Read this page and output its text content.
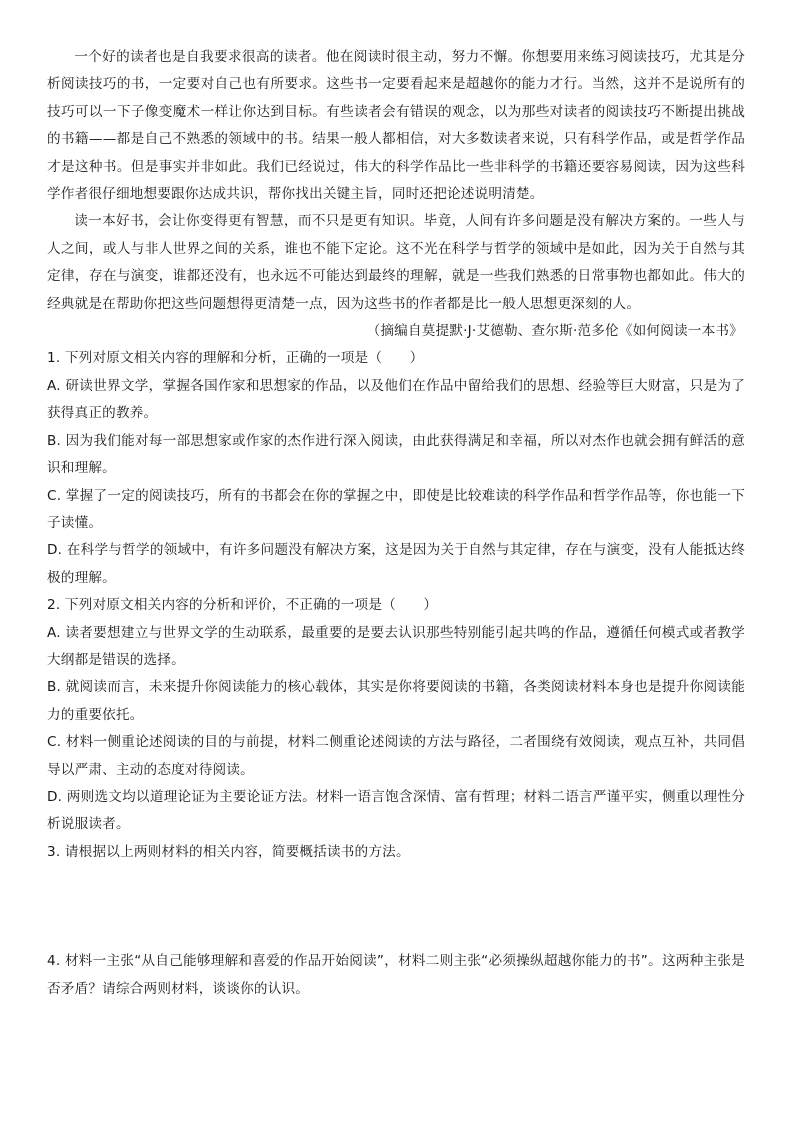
一个好的读者也是自我要求很高的读者。他在阅读时很主动，努力不懈。你想要用来练习阅读技巧，尤其是分析阅读技巧的书，一定要对自己也有所要求。这些书一定要看起来是超越你的能力才行。当然，这并不是说所有的技巧可以一下子像变魔术一样让你达到目标。有些读者会有错误的观念，以为那些对读者的阅读技巧不断提出挑战的书籍——都是自己不熟悉的领域中的书。结果一般人都相信，对大多数读者来说，只有科学作品，或是哲学作品才是这种书。但是事实并非如此。我们已经说过，伟大的科学作品比一些非科学的书籍还要容易阅读，因为这些科学作者很仔细地想要跟你达成共识，帮你找出关键主旨，同时还把论述说明清楚。

读一本好书，会让你变得更有智慧，而不只是更有知识。毕竟，人间有许多问题是没有解决方案的。一些人与人之间，或人与非人世界之间的关系，谁也不能下定论。这不光在科学与哲学的领域中是如此，因为关于自然与其定律，存在与演变，谁都还没有，也永远不可能达到最终的理解，就是一些我们熟悉的日常事物也都如此。伟大的经典就是在帮助你把这些问题想得更清楚一点，因为这些书的作者都是比一般人思想更深刻的人。

（摘编自莫提默·J·艾德勒、查尔斯·范多伦《如何阅读一本书》

1. 下列对原文相关内容的理解和分析，正确的一项是（　　）

A. 研读世界文学，掌握各国作家和思想家的作品，以及他们在作品中留给我们的思想、经验等巨大财富，只是为了获得真正的教养。

B. 因为我们能对每一部思想家或作家的杰作进行深入阅读，由此获得满足和幸福，所以对杰作也就会拥有鲜活的意识和理解。

C. 掌握了一定的阅读技巧，所有的书都会在你的掌握之中，即使是比较难读的科学作品和哲学作品等，你也能一下子读懂。

D. 在科学与哲学的领域中，有许多问题没有解决方案，这是因为关于自然与其定律，存在与演变，没有人能抵达终极的理解。

2. 下列对原文相关内容的分析和评价，不正确的一项是（　　）

A. 读者要想建立与世界文学的生动联系，最重要的是要去认识那些特别能引起共鸣的作品，遵循任何模式或者教学大纲都是错误的选择。

B. 就阅读而言，未来提升你阅读能力的核心载体，其实是你将要阅读的书籍，各类阅读材料本身也是提升你阅读能力的重要依托。

C. 材料一侧重论述阅读的目的与前提，材料二侧重论述阅读的方法与路径，二者围绕有效阅读，观点互补，共同倡导以严肃、主动的态度对待阅读。

D. 两则选文均以道理论证为主要论证方法。材料一语言饱含深情、富有哲理；材料二语言严谨平实，侧重以理性分析说服读者。

3. 请根据以上两则材料的相关内容，简要概括读书的方法。

4. 材料一主张“从自己能够理解和喜爱的作品开始阅读”，材料二则主张“必须操纵超越你能力的书”。这两种主张是否矛盾？请综合两则材料，谈谈你的认识。
